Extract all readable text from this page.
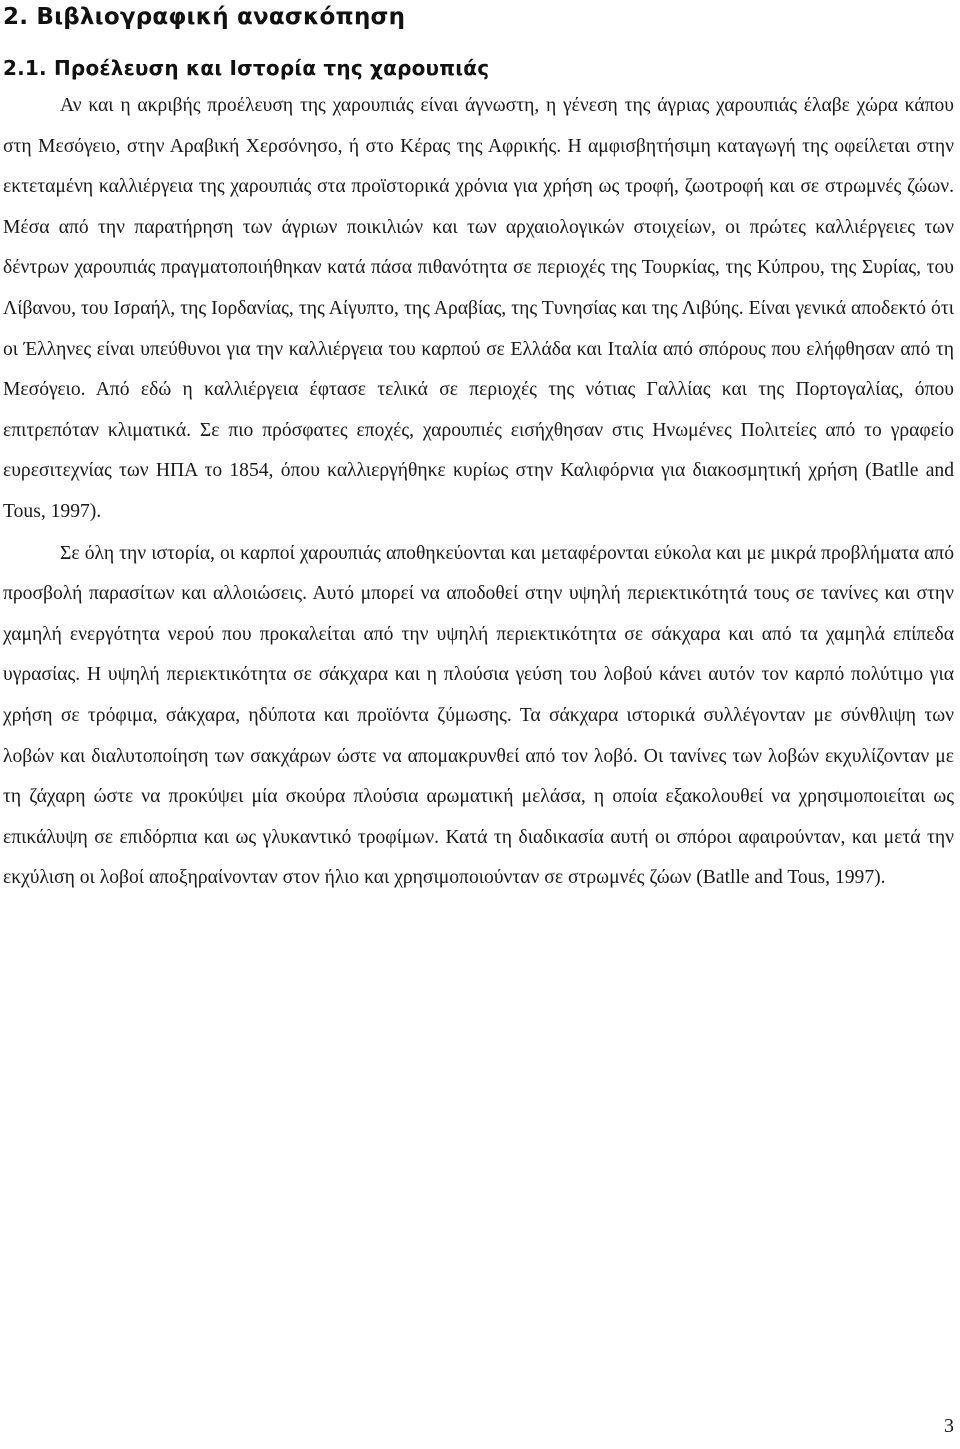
2. Βιβλιογραφική ανασκόπηση
2.1. Προέλευση και Ιστορία της χαρουπιάς

Αν και η ακριβής προέλευση της χαρουπιάς είναι άγνωστη, η γένεση της άγριας χαρουπιάς έλαβε χώρα κάπου στη Μεσόγειο, στην Αραβική Χερσόνησο, ή στο Κέρας της Αφρικής. Η αμφισβητήσιμη καταγωγή της οφείλεται στην εκτεταμένη καλλιέργεια της χαρουπιάς στα προϊστορικά χρόνια για χρήση ως τροφή, ζωοτροφή και σε στρωμνές ζώων. Μέσα από την παρατήρηση των άγριων ποικιλιών και των αρχαιολογικών στοιχείων, οι πρώτες καλλιέργειες των δέντρων χαρουπιάς πραγματοποιήθηκαν κατά πάσα πιθανότητα σε περιοχές της Τουρκίας, της Κύπρου, της Συρίας, του Λίβανου, του Ισραήλ, της Ιορδανίας, της Αίγυπτο, της Αραβίας, της Τυνησίας και της Λιβύης. Είναι γενικά αποδεκτό ότι οι Έλληνες είναι υπεύθυνοι για την καλλιέργεια του καρπού σε Ελλάδα και Ιταλία από σπόρους που ελήφθησαν από τη Μεσόγειο. Από εδώ η καλλιέργεια έφτασε τελικά σε περιοχές της νότιας Γαλλίας και της Πορτογαλίας, όπου επιτρεπόταν κλιματικά. Σε πιο πρόσφατες εποχές, χαρουπιές εισήχθησαν στις Ηνωμένες Πολιτείες από το γραφείο ευρεσιτεχνίας των ΗΠΑ το 1854, όπου καλλιεργήθηκε κυρίως στην Καλιφόρνια για διακοσμητική χρήση (Batlle and Tous, 1997).

Σε όλη την ιστορία, οι καρποί χαρουπιάς αποθηκεύονται και μεταφέρονται εύκολα και με μικρά προβλήματα από προσβολή παρασίτων και αλλοιώσεις. Αυτό μπορεί να αποδοθεί στην υψηλή περιεκτικότητά τους σε τανίνες και στην χαμηλή ενεργότητα νερού που προκαλείται από την υψηλή περιεκτικότητα σε σάκχαρα και από τα χαμηλά επίπεδα υγρασίας. Η υψηλή περιεκτικότητα σε σάκχαρα και η πλούσια γεύση του λοβού κάνει αυτόν τον καρπό πολύτιμο για χρήση σε τρόφιμα, σάκχαρα, ηδύποτα και προϊόντα ζύμωσης. Τα σάκχαρα ιστορικά συλλέγονταν με σύνθλιψη των λοβών και διαλυτοποίηση των σακχάρων ώστε να απομακρυνθεί από τον λοβό. Οι τανίνες των λοβών εκχυλίζονταν με τη ζάχαρη ώστε να προκύψει μία σκούρα πλούσια αρωματική μελάσα, η οποία εξακολουθεί να χρησιμοποιείται ως επικάλυψη σε επιδόρπια και ως γλυκαντικό τροφίμων. Κατά τη διαδικασία αυτή οι σπόροι αφαιρούνταν, και μετά την εκχύλιση οι λοβοί αποξηραίνονταν στον ήλιο και χρησιμοποιούνταν σε στρωμνές ζώων (Batlle and Tous, 1997).

3
